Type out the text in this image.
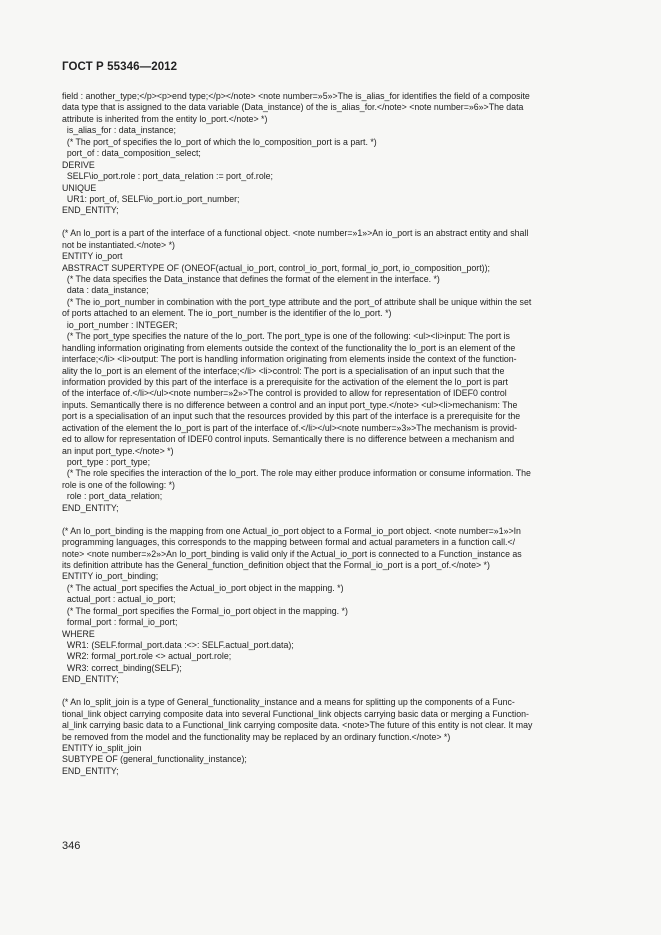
ГОСТ Р 55346—2012
field : another_type;</p><p>end type;</p></note> <note number=»5»>The is_alias_for identifies the field of a composite
data type that is assigned to the data variable (Data_instance) of the is_alias_for.</note> <note number=»6»>The data
attribute is inherited from the entity lo_port.</note> *)
is_alias_for : data_instance;
(* The port_of specifies the lo_port of which the lo_composition_port is a part. *)
port_of : data_composition_select;
DERIVE
SELF\io_port.role : port_data_relation := port_of.role;
UNIQUE
UR1: port_of, SELF\io_port.io_port_number;
END_ENTITY;
(* An lo_port is a part of the interface of a functional object. <note number=»1»>An io_port is an abstract entity and shall
not be instantiated.</note> *)
ENTITY io_port
ABSTRACT SUPERTYPE OF (ONEOF(actual_io_port, control_io_port, formal_io_port, io_composition_port));
(* The data specifies the Data_instance that defines the format of the element in the interface. *)
data : data_instance;
(* The io_port_number in combination with the port_type attribute and the port_of attribute shall be unique within the set
of ports attached to an element. The io_port_number is the identifier of the lo_port. *)
io_port_number : INTEGER;
(* The port_type specifies the nature of the lo_port. The port_type is one of the following: <ul><li>input: The port is
handling information originating from elements outside the context of the functionality the lo_port is an element of the
interface;</li> <li>output: The port is handling information originating from elements inside the context of the function-
ality the lo_port is an element of the interface;</li> <li>control: The port is a specialisation of an input such that the
information provided by this part of the interface is a prerequisite for the activation of the element the lo_port is part
of the interface of.</li></ul><note number=»2»>The control is provided to allow for representation of IDEF0 control
inputs. Semantically there is no difference between a control and an input port_type.</note> <ul><li>mechanism: The
port is a specialisation of an input such that the resources provided by this part of the interface is a prerequisite for the
activation of the element the lo_port is part of the interface of.</li></ul><note number=»3»>The mechanism is provid-
ed to allow for representation of IDEF0 control inputs. Semantically there is no difference between a mechanism and
an input port_type.</note> *)
port_type : port_type;
(* The role specifies the interaction of the lo_port. The role may either produce information or consume information. The
role is one of the following: *)
role : port_data_relation;
END_ENTITY;
(* An lo_port_binding is the mapping from one Actual_io_port object to a Formal_io_port object. <note number=»1»>In
programming languages, this corresponds to the mapping between formal and actual parameters in a function call.</
note> <note number=»2»>An lo_port_binding is valid only if the Actual_io_port is connected to a Function_instance as
its definition attribute has the General_function_definition object that the Formal_io_port is a port_of.</note> *)
ENTITY io_port_binding;
(* The actual_port specifies the Actual_io_port object in the mapping. *)
actual_port : actual_io_port;
(* The formal_port specifies the Formal_io_port object in the mapping. *)
formal_port : formal_io_port;
WHERE
WR1: (SELF.formal_port.data :<>: SELF.actual_port.data);
WR2: formal_port.role <> actual_port.role;
WR3: correct_binding(SELF);
END_ENTITY;
(* An lo_split_join is a type of General_functionality_instance and a means for splitting up the components of a Func-
tional_link object carrying composite data into several Functional_link objects carrying basic data or merging a Function-
al_link carrying basic data to a Functional_link carrying composite data. <note>The future of this entity is not clear. It may
be removed from the model and the functionality may be replaced by an ordinary function.</note> *)
ENTITY io_split_join
SUBTYPE OF (general_functionality_instance);
END_ENTITY;
346
